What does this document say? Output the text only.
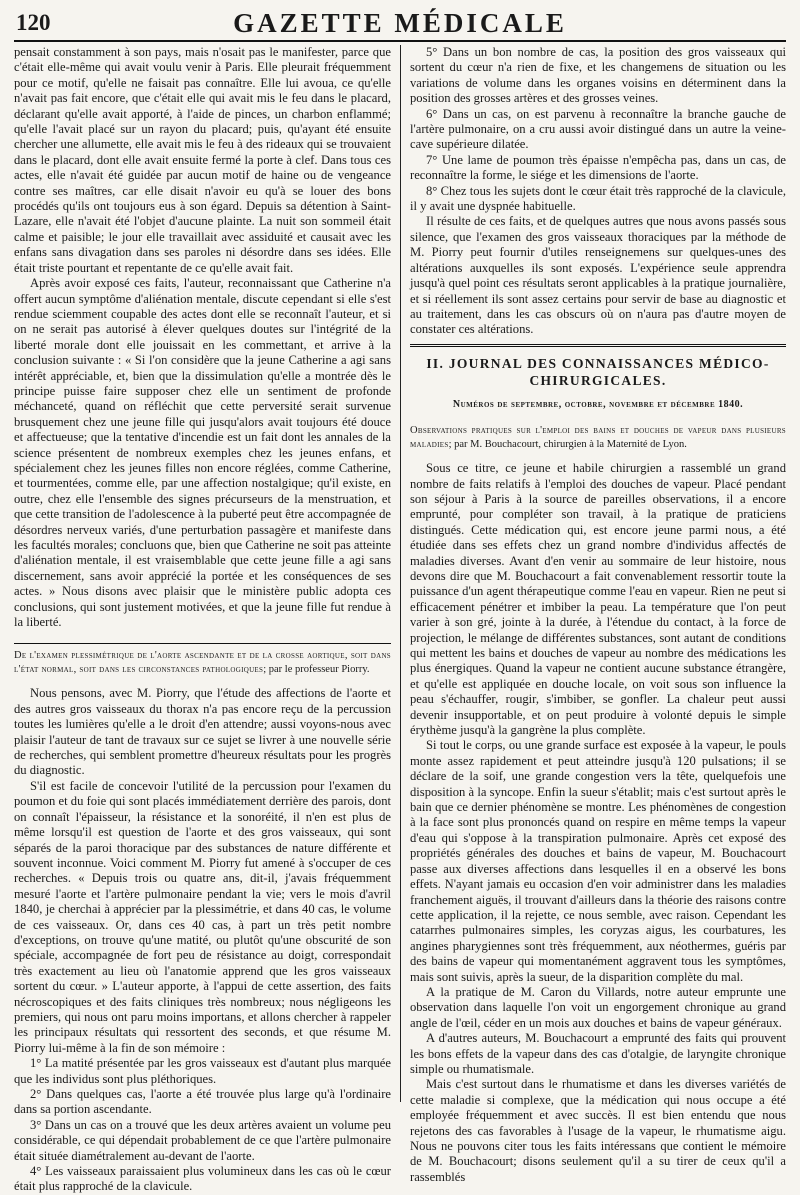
120	GAZETTE MÉDICALE

pensait constamment à son pays, mais n'osait pas le manifester, parce que c'était elle-même qui avait voulu venir à Paris. Elle pleurait fréquemment pour ce motif, qu'elle ne faisait pas connaître. Elle lui avoua, ce qu'elle n'avait pas fait encore, que c'était elle qui avait mis le feu dans le placard, déclarant qu'elle avait apporté, à l'aide de pinces, un charbon enflammé; qu'elle l'avait placé sur un rayon du placard; puis, qu'ayant été ensuite chercher une allumette, elle avait mis le feu à des rideaux qui se trouvaient dans le placard, dont elle avait ensuite fermé la porte à clef. Dans tous ces actes, elle n'avait été guidée par aucun motif de haine ou de vengeance contre ses maîtres, car elle disait n'avoir eu qu'à se louer des bons procédés qu'ils ont toujours eus à son égard. Depuis sa détention à Saint-Lazare, elle n'avait été l'objet d'aucune plainte. La nuit son sommeil était calme et paisible; le jour elle travaillait avec assiduité et causait avec les enfans sans divagation dans ses paroles ni désordre dans ses idées. Elle était triste pourtant et repentante de ce qu'elle avait fait.

Après avoir exposé ces faits, l'auteur, reconnaissant que Catherine n'a offert aucun symptôme d'aliénation mentale, discute cependant si elle s'est rendue sciemment coupable des actes dont elle se reconnaît l'auteur, et si on ne serait pas autorisé à élever quelques doutes sur l'intégrité de la liberté morale dont elle jouissait en les commettant, et arrive à la conclusion suivante : « Si l'on considère que la jeune Catherine a agi sans intérêt appréciable, et, bien que la dissimulation qu'elle a montrée dès le principe puisse faire supposer chez elle un sentiment de profonde méchanceté, quand on réfléchit que cette perversité serait survenue brusquement chez une jeune fille qui jusqu'alors avait toujours été douce et affectueuse; que la tentative d'incendie est un fait dont les annales de la science présentent de nombreux exemples chez les jeunes enfans, et spécialement chez les jeunes filles non encore réglées, comme Catherine, et tourmentées, comme elle, par une affection nostalgique; qu'il existe, en outre, chez elle l'ensemble des signes précurseurs de la menstruation, et que cette transition de l'adolescence à la puberté peut être accompagnée de désordres nerveux variés, d'une perturbation passagère et manifeste dans les facultés morales; concluons que, bien que Catherine ne soit pas atteinte d'aliénation mentale, il est vraisemblable que cette jeune fille a agi sans discernement, sans avoir apprécié la portée et les conséquences de ses actes. » Nous disons avec plaisir que le ministère public adopta ces conclusions, qui sont justement motivées, et que la jeune fille fut rendue à la liberté.

De l'examen plessimétrique de l'aorte ascendante et de la crosse aortique, soit dans l'état normal, soit dans les circonstances pathologiques; par le professeur Piorry.

Nous pensons, avec M. Piorry, que l'étude des affections de l'aorte et des autres gros vaisseaux du thorax n'a pas encore reçu de la percussion toutes les lumières qu'elle a le droit d'en attendre; aussi voyons-nous avec plaisir l'auteur de tant de travaux sur ce sujet se livrer à une nouvelle série de recherches, qui semblent promettre d'heureux résultats pour les progrès du diagnostic.

S'il est facile de concevoir l'utilité de la percussion pour l'examen du poumon et du foie qui sont placés immédiatement derrière des parois, dont on connaît l'épaisseur, la résistance et la sonoréité, il n'en est plus de même lorsqu'il est question de l'aorte et des gros vaisseaux, qui sont séparés de la paroi thoracique par des substances de nature différente et souvent inconnue. Voici comment M. Piorry fut amené à s'occuper de ces recherches. « Depuis trois ou quatre ans, dit-il, j'avais fréquemment mesuré l'aorte et l'artère pulmonaire pendant la vie; vers le mois d'avril 1840, je cherchai à apprécier par la plessimétrie, et dans 40 cas, le volume de ces vaisseaux. Or, dans ces 40 cas, à part un très petit nombre d'exceptions, on trouve qu'une matité, ou plutôt qu'une obscurité de son spéciale, accompagnée de fort peu de résistance au doigt, correspondait très exactement au lieu où l'anatomie apprend que les gros vaisseaux sortent du cœur. » L'auteur apporte, à l'appui de cette assertion, des faits nécroscopiques et des faits cliniques très nombreux; nous négligeons les premiers, qui nous ont paru moins importans, et allons chercher à rappeler les principaux résultats qui ressortent des seconds, et que résume M. Piorry lui-même à la fin de son mémoire :

1° La matité présentée par les gros vaisseaux est d'autant plus marquée que les individus sont plus pléthoriques.

2° Dans quelques cas, l'aorte a été trouvée plus large qu'à l'ordinaire dans sa portion ascendante.

3° Dans un cas on a trouvé que les deux artères avaient un volume peu considérable, ce qui dépendait probablement de ce que l'artère pulmonaire était située diamétralement au-devant de l'aorte.

4° Les vaisseaux paraissaient plus volumineux dans les cas où le cœur était plus rapproché de la clavicule.

5° Dans un bon nombre de cas, la position des gros vaisseaux qui sortent du cœur n'a rien de fixe, et les changemens de situation ou les variations de volume dans les organes voisins en déterminent dans la position des grosses artères et des grosses veines.

6° Dans un cas, on est parvenu à reconnaître la branche gauche de l'artère pulmonaire, on a cru aussi avoir distingué dans un autre la veine-cave supérieure dilatée.

7° Une lame de poumon très épaisse n'empêcha pas, dans un cas, de reconnaître la forme, le siége et les dimensions de l'aorte.

8° Chez tous les sujets dont le cœur était très rapproché de la clavicule, il y avait une dyspnée habituelle.

Il résulte de ces faits, et de quelques autres que nous avons passés sous silence, que l'examen des gros vaisseaux thoraciques par la méthode de M. Piorry peut fournir d'utiles renseignemens sur quelques-unes des altérations auxquelles ils sont exposés. L'expérience seule apprendra jusqu'à quel point ces résultats seront applicables à la pratique journalière, et si réellement ils sont assez certains pour servir de base au diagnostic et au traitement, dans les cas obscurs où on n'aura pas d'autre moyen de constater ces altérations.

II. JOURNAL DES CONNAISSANCES MÉDICO-CHIRURGICALES.
Numéros de septembre, octobre, novembre et décembre 1840.
Observations pratiques sur l'emploi des bains et douches de vapeur dans plusieurs maladies; par M. Bouchacourt, chirurgien à la Maternité de Lyon.

Sous ce titre, ce jeune et habile chirurgien a rassemblé un grand nombre de faits relatifs à l'emploi des douches de vapeur. Placé pendant son séjour à Paris à la source de pareilles observations, il a encore emprunté, pour compléter son travail, à la pratique de praticiens distingués. Cette médication qui, est encore jeune parmi nous, a été étudiée dans ses effets chez un grand nombre d'individus affectés de maladies diverses. Avant d'en venir au sommaire de leur histoire, nous devons dire que M. Bouchacourt a fait convenablement ressortir toute la puissance d'un agent thérapeutique comme l'eau en vapeur. Rien ne peut si efficacement pénétrer et imbiber la peau. La température que l'on peut varier à son gré, jointe à la durée, à l'étendue du contact, à la force de projection, le mélange de différentes substances, sont autant de conditions qui mettent les bains et douches de vapeur au nombre des médications les plus énergiques. Quand la vapeur ne contient aucune substance étrangère, et qu'elle est appliquée en douche locale, on voit sous son influence la peau s'échauffer, rougir, s'imbiber, se gonfler. La chaleur peut aussi devenir insupportable, et on peut produire à volonté depuis le simple érythème jusqu'à la gangrène la plus complète.

Si tout le corps, ou une grande surface est exposée à la vapeur, le pouls monte assez rapidement et peut atteindre jusqu'à 120 pulsations; il se déclare de la soif, une grande congestion vers la tête, quelquefois une disposition à la syncope. Enfin la sueur s'établit; mais c'est surtout après le bain que ce dernier phénomène se montre. Les phénomènes de congestion à la face sont plus prononcés quand on respire en même temps la vapeur d'eau qui s'oppose à la transpiration pulmonaire. Après cet exposé des propriétés générales des douches et bains de vapeur, M. Bouchacourt passe aux diverses affections dans lesquelles il en a observé les bons effets. N'ayant jamais eu occasion d'en voir administrer dans les maladies franchement aiguës, il trouvant d'ailleurs dans la théorie des raisons contre cette application, il la rejette, ce nous semble, avec raison. Cependant les catarrhes pulmonaires simples, les coryzas aigus, les courbatures, les angines pharygiennes sont très fréquemment, aux néothermes, guéris par des bains de vapeur qui momentanément aggravent tous les symptômes, mais sont suivis, après la sueur, de la disparition complète du mal.

A la pratique de M. Caron du Villards, notre auteur emprunte une observation dans laquelle l'on voit un engorgement chronique au grand angle de l'œil, céder en un mois aux douches et bains de vapeur généraux.

A d'autres auteurs, M. Bouchacourt a emprunté des faits qui prouvent les bons effets de la vapeur dans des cas d'otalgie, de laryngite chronique simple ou rhumatismale.

Mais c'est surtout dans le rhumatisme et dans les diverses variétés de cette maladie si complexe, que la médication qui nous occupe a été employée fréquemment et avec succès. Il est bien entendu que nous rejetons des cas favorables à l'usage de la vapeur, le rhumatisme aigu. Nous ne pouvons citer tous les faits intéressans que contient le mémoire de M. Bouchacourt; disons seulement qu'il a su tirer de ceux qu'il a rassemblés
